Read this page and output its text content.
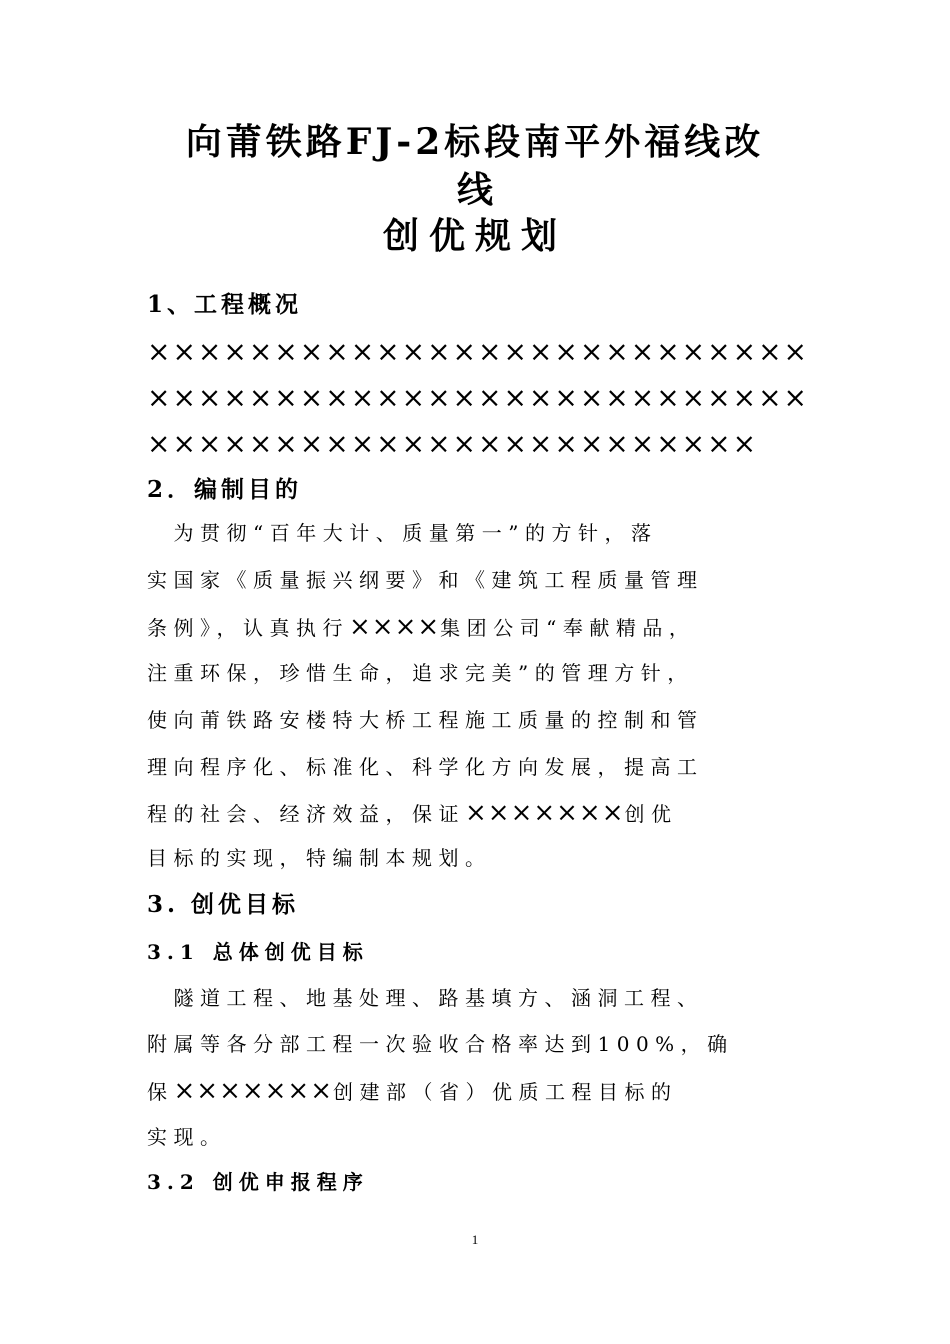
向莆铁路FJ-2标段南平外福线改
线
创优规划
1、工程概况
××××××××××××××××××××××××××
××××××××××××××××××××××××××
××××××××××××××××××××××××
2．编制目的
　为贯彻“百年大计、质量第一”的方针，落
实国家《质量振兴纲要》和《建筑工程质量管理
条例》，认真执行××××集团公司“奉献精品，
注重环保，珍惜生命，追求完美”的管理方针，
使向莆铁路安楼特大桥工程施工质量的控制和管
理向程序化、标准化、科学化方向发展，提高工
程的社会、经济效益，保证×××××××创优
目标的实现，特编制本规划。
3. 创优目标
3.1 总体创优目标
　隧道工程、地基处理、路基填方、涵洞工程、
附属等各分部工程一次验收合格率达到100%，确
保×××××××创建部（省）优质工程目标的
实现。
3.2 创优申报程序
1
